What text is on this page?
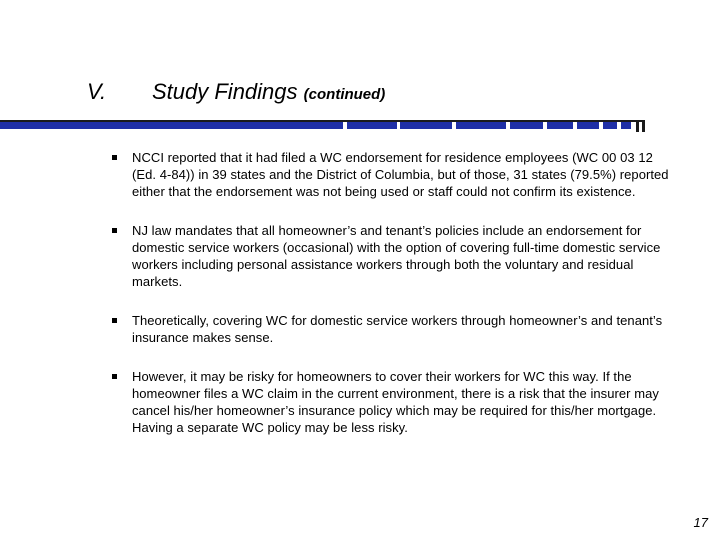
V. Study Findings (continued)
NCCI reported that it had filed a WC endorsement for residence employees (WC 00 03 12 (Ed. 4-84)) in 39 states and the District of Columbia, but of those, 31 states (79.5%) reported either that the endorsement was not being used or staff could not confirm its existence.
NJ law mandates that all homeowner’s and tenant’s policies include an endorsement for domestic service workers (occasional) with the option of covering full-time domestic service workers including personal assistance workers through both the voluntary and residual markets.
Theoretically, covering WC for domestic service workers through homeowner’s and tenant’s insurance makes sense.
However, it may be risky for homeowners to cover their workers for WC this way. If the homeowner files a WC claim in the current environment, there is a risk that the insurer may cancel his/her homeowner’s insurance policy which may be required for this/her mortgage. Having a separate WC policy may be less risky.
17
